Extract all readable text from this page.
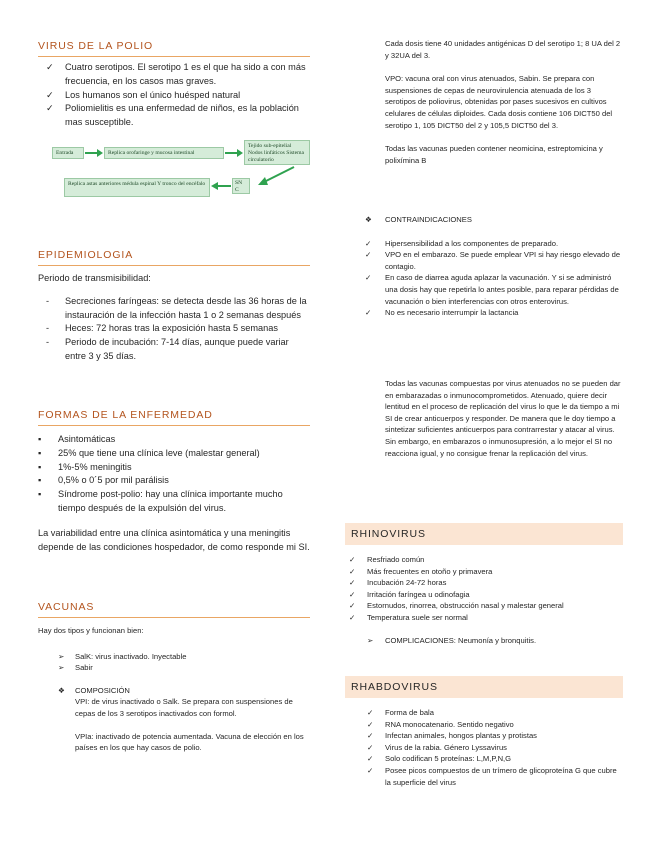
VIRUS DE LA POLIO
✓ Cuatro serotipos. El serotipo 1 es el que ha sido a con más frecuencia, en los casos mas graves.
✓ Los humanos son el único huésped natural
✓ Poliomielitis es una enfermedad de niños, es la población mas susceptible.
Entrada	Replica orofaringe y mucosa intestinal
Tejido sub-epitelial Nodos linfáticos Sistema circulatorio
SN C
Replica astas anteriores médula espinal Y tronco del encéfalo
EPIDEMIOLOGIA

Periodo de transmisibilidad:

- Secreciones faríngeas: se detecta desde las 36 horas de la instauración de la infección hasta 1 o 2 semanas después
- Heces: 72 horas tras la exposición hasta 5 semanas
- Periodo de incubación: 7-14 días, aunque puede variar entre 3 y 35 días.
FORMAS DE LA ENFERMEDAD
▪ Asintomáticas
▪ 25% que tiene una clínica leve (malestar general)
▪ 1%-5% meningitis
▪ 0,5% o 0´5 por mil parálisis
▪ Síndrome post-polio: hay una clínica importante mucho tiempo después de la expulsión del virus.

La variabilidad entre una clínica asintomática y una meningitis depende de las condiciones hospedador, de como responde mi SI.

VACUNAS

Hay dos tipos y funcionan bien:

➢ SalK: virus inactivado. Inyectable
➢ Sabir
❖ COMPOSICIÓN

VPI: de virus inactivado o Salk. Se prepara con suspensiones de cepas de los 3 serotipos inactivados con formol.

VPIa: inactivado de potencia aumentada. Vacuna de elección en los países en los que hay casos de polio.

Cada dosis tiene 40 unidades antigénicas D del serotipo 1; 8 UA del 2 y 32UA del 3.

VPO: vacuna oral con virus atenuados, Sabin. Se prepara con suspensiones de cepas de neurovirulencia atenuada de los 3 serotipos de poliovirus, obtenidas por pases sucesivos en cultivos celulares de células diploides. Cada dosis contiene 106 DICT50 del serotipo 1, 105 DICT50 del 2 y 105,5 DICT50 del 3.

Todas las vacunas pueden contener neomicina, estreptomicina y polixímina B

❖ CONTRAINDICACIONES
✓ Hipersensibilidad a los componentes de preparado.
✓ VPO en el embarazo. Se puede emplear VPI si hay riesgo elevado de contagio.
✓ En caso de diarrea aguda aplazar la vacunación. Y si se administró una dosis hay que repetirla lo antes posible, para reparar pérdidas de vacunación o bien interferencias con otros enterovirus.
✓ No es necesario interrumpir la lactancia

Todas las vacunas compuestas por virus atenuados no se pueden dar en embarazadas o inmunocomprometidos. Atenuado, quiere decir lentitud en el proceso de replicación del virus lo que le da tiempo a mi SI de crear anticuerpos y responder. De manera que le doy tiempo a sintetizar suficientes anticuerpos para contrarrestar y atacar al virus. Sin embargo, en embarazos o inmunosupresión, a lo mejor el SI no reacciona igual, y no consigue frenar la replicación del virus.

RHINOVIRUS
✓ Resfriado común
✓ Más frecuentes en otoño y primavera
✓ Incubación 24-72 horas
✓ Irritación faríngea u odinofagia
✓ Estornudos, rinorrea, obstrucción nasal y malestar general
✓ Temperatura suele ser normal
➢ COMPLICACIONES: Neumonía y bronquitis.
RHABDOVIRUS
✓ Forma de bala
✓ RNA monocatenario. Sentido negativo
✓ Infectan animales, hongos plantas y protistas
✓ Virus de la rabia. Género Lyssavirus
✓ Solo codifican 5 proteínas: L,M,P,N,G
✓ Posee picos compuestos de un trímero de glicoproteína G que cubre la superficie del virus
